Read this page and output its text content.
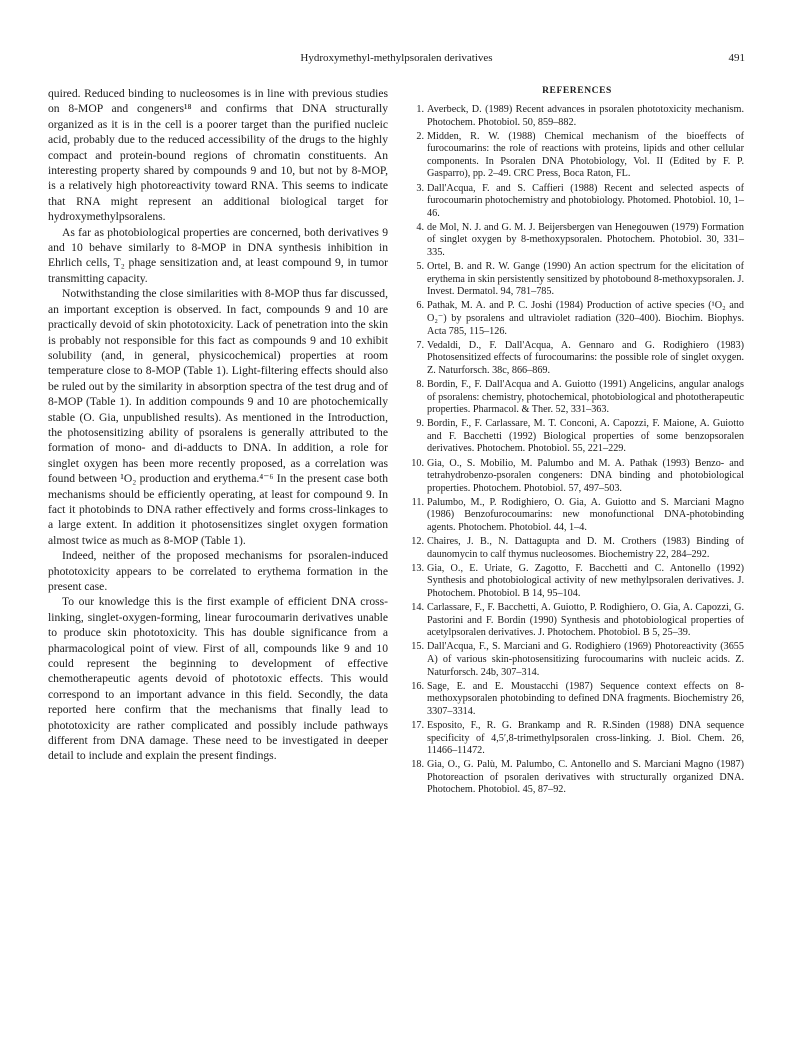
Hydroxymethyl-methylpsoralen derivatives	491

quired. Reduced binding to nucleosomes is in line with previous studies on 8-MOP and congeners¹⁸ and confirms that DNA structurally organized as it is in the cell is a poorer target than the purified nucleic acid, probably due to the reduced accessibility of the drugs to the highly compact and protein-bound regions of chromatin constituents. An interesting property shared by compounds 9 and 10, but not by 8-MOP, is a relatively high photoreactivity toward RNA. This seems to indicate that RNA might represent an additional biological target for hydroxymethylpsoralens.

As far as photobiological properties are concerned, both derivatives 9 and 10 behave similarly to 8-MOP in DNA synthesis inhibition in Ehrlich cells, T₂ phage sensitization and, at least compound 9, in tumor transmitting capacity.

Notwithstanding the close similarities with 8-MOP thus far discussed, an important exception is observed. In fact, compounds 9 and 10 are practically devoid of skin phototoxicity. Lack of penetration into the skin is probably not responsible for this fact as compounds 9 and 10 exhibit solubility (and, in general, physicochemical) properties at room temperature close to 8-MOP (Table 1). Light-filtering effects should also be ruled out by the similarity in absorption spectra of the test drug and of 8-MOP (Table 1). In addition compounds 9 and 10 are photochemically stable (O. Gia, unpublished results). As mentioned in the Introduction, the photosensitizing ability of psoralens is generally attributed to the formation of mono- and di-adducts to DNA. In addition, a role for singlet oxygen has been more recently proposed, as a correlation was found between ¹O₂ production and erythema.⁴⁻⁶ In the present case both mechanisms should be efficiently operating, at least for compound 9. In fact it photobinds to DNA rather effectively and forms cross-linkages to a large extent. In addition it photosensitizes singlet oxygen formation almost twice as much as 8-MOP (Table 1).

Indeed, neither of the proposed mechanisms for psoralen-induced phototoxicity appears to be correlated to erythema formation in the present case.

To our knowledge this is the first example of efficient DNA cross-linking, singlet-oxygen-forming, linear furocoumarin derivatives unable to produce skin phototoxicity. This has double significance from a pharmacological point of view. First of all, compounds like 9 and 10 could represent the beginning to development of effective chemotherapeutic agents devoid of phototoxic effects. This would correspond to an important advance in this field. Secondly, the data reported here confirm that the mechanisms that finally lead to phototoxicity are rather complicated and possibly include pathways different from DNA damage. These need to be investigated in deeper detail to include and explain the present findings.

REFERENCES
1. Averbeck, D. (1989) Recent advances in psoralen phototoxicity mechanism. Photochem. Photobiol. 50, 859–882.
2. Midden, R. W. (1988) Chemical mechanism of the bioeffects of furocoumarins: the role of reactions with proteins, lipids and other cellular components. In Psoralen DNA Photobiology, Vol. II (Edited by F. P. Gasparro), pp. 2–49. CRC Press, Boca Raton, FL.
3. Dall'Acqua, F. and S. Caffieri (1988) Recent and selected aspects of furocoumarin photochemistry and photobiology. Photomed. Photobiol. 10, 1–46.
4. de Mol, N. J. and G. M. J. Beijersbergen van Henegouwen (1979) Formation of singlet oxygen by 8-methoxypsoralen. Photochem. Photobiol. 30, 331–335.
5. Ortel, B. and R. W. Gange (1990) An action spectrum for the elicitation of erythema in skin persistently sensitized by photobound 8-methoxypsoralen. J. Invest. Dermatol. 94, 781–785.
6. Pathak, M. A. and P. C. Joshi (1984) Production of active species (¹O₂ and O₂⁻) by psoralens and ultraviolet radiation (320–400). Biochim. Biophys. Acta 785, 115–126.
7. Vedaldi, D., F. Dall'Acqua, A. Gennaro and G. Rodighiero (1983) Photosensitized effects of furocoumarins: the possible role of singlet oxygen. Z. Naturforsch. 38c, 866–869.
8. Bordin, F., F. Dall'Acqua and A. Guiotto (1991) Angelicins, angular analogs of psoralens: chemistry, photochemical, photobiological and phototherapeutic properties. Pharmacol. & Ther. 52, 331–363.
9. Bordin, F., F. Carlassare, M. T. Conconi, A. Capozzi, F. Maione, A. Guiotto and F. Bacchetti (1992) Biological properties of some benzopsoralen derivatives. Photochem. Photobiol. 55, 221–229.
10. Gia, O., S. Mobilio, M. Palumbo and M. A. Pathak (1993) Benzo- and tetrahydrobenzo-psoralen congeners: DNA binding and photobiological properties. Photochem. Photobiol. 57, 497–503.
11. Palumbo, M., P. Rodighiero, O. Gia, A. Guiotto and S. Marciani Magno (1986) Benzofurocoumarins: new monofunctional DNA-photobinding agents. Photochem. Photobiol. 44, 1–4.
12. Chaires, J. B., N. Dattagupta and D. M. Crothers (1983) Binding of daunomycin to calf thymus nucleosomes. Biochemistry 22, 284–292.
13. Gia, O., E. Uriate, G. Zagotto, F. Bacchetti and C. Antonello (1992) Synthesis and photobiological activity of new methylpsoralen derivatives. J. Photochem. Photobiol. B 14, 95–104.
14. Carlassare, F., F. Bacchetti, A. Guiotto, P. Rodighiero, O. Gia, A. Capozzi, G. Pastorini and F. Bordin (1990) Synthesis and photobiological properties of acetylpsoralen derivatives. J. Photochem. Photobiol. B 5, 25–39.
15. Dall'Acqua, F., S. Marciani and G. Rodighiero (1969) Photoreactivity (3655 A) of various skin-photosensitizing furocoumarins with nucleic acids. Z. Naturforsch. 24b, 307–314.
16. Sage, E. and E. Moustacchi (1987) Sequence context effects on 8-methoxypsoralen photobinding to defined DNA fragments. Biochemistry 26, 3307–3314.
17. Esposito, F., R. G. Brankamp and R. R.Sinden (1988) DNA sequence specificity of 4,5′,8-trimethylpsoralen cross-linking. J. Biol. Chem. 26, 11466–11472.
18. Gia, O., G. Palù, M. Palumbo, C. Antonello and S. Marciani Magno (1987) Photoreaction of psoralen derivatives with structurally organized DNA. Photochem. Photobiol. 45, 87–92.
